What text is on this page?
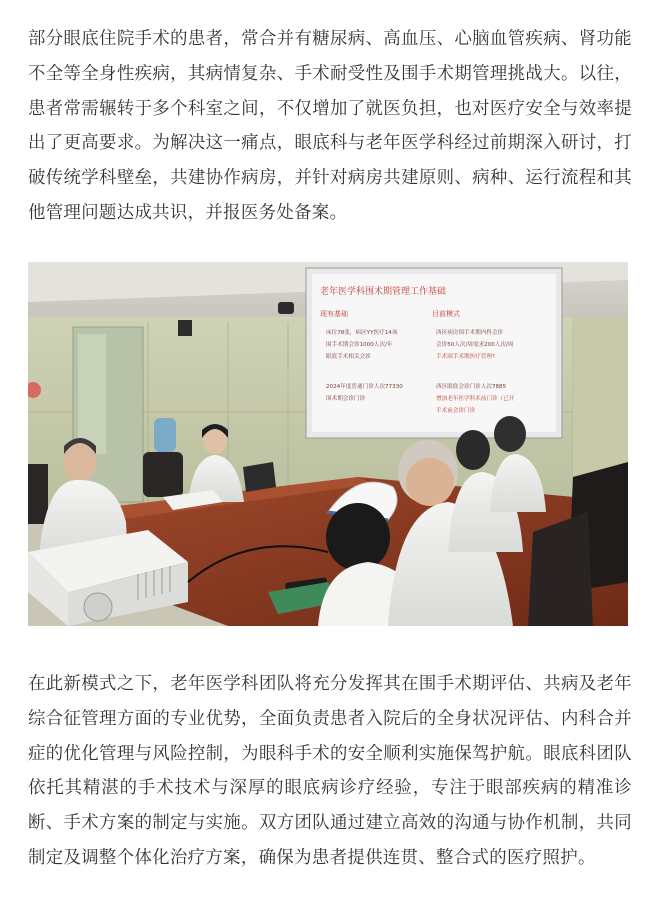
部分眼底住院手术的患者，常合并有糖尿病、高血压、心脑血管疾病、肾功能不全等全身性疾病，其病情复杂、手术耐受性及围手术期管理挑战大。以往，患者常需辗转于多个科室之间，不仅增加了就医负担，也对医疗安全与效率提出了更高要求。为解决这一痛点，眼底科与老年医学科经过前期深入研讨，打破传统学科壁垒，共建协作病房，并针对病房共建原则、病种、运行流程和其他管理问题达成共识，并报医务处备案。

老年医学科围术期管理工作基础
现有基础	目前模式
床位78张，病区YY医疗14项
围手术期会诊1000人次/年
眼底手术相关会诊
2024年度普通门诊人次77330
围术期会诊门诊
西区病房围手术期内科会诊
会诊50人次/周需求200人次/周
手术围手术期医疗管理?
西区眼底会诊门诊人次7885
增加老年医学科术前门诊（已开
手术前会诊门诊

在此新模式之下，老年医学科团队将充分发挥其在围手术期评估、共病及老年综合征管理方面的专业优势，全面负责患者入院后的全身状况评估、内科合并症的优化管理与风险控制，为眼科手术的安全顺利实施保驾护航。眼底科团队依托其精湛的手术技术与深厚的眼底病诊疗经验，专注于眼部疾病的精准诊断、手术方案的制定与实施。双方团队通过建立高效的沟通与协作机制，共同制定及调整个体化治疗方案，确保为患者提供连贯、整合式的医疗照护。
